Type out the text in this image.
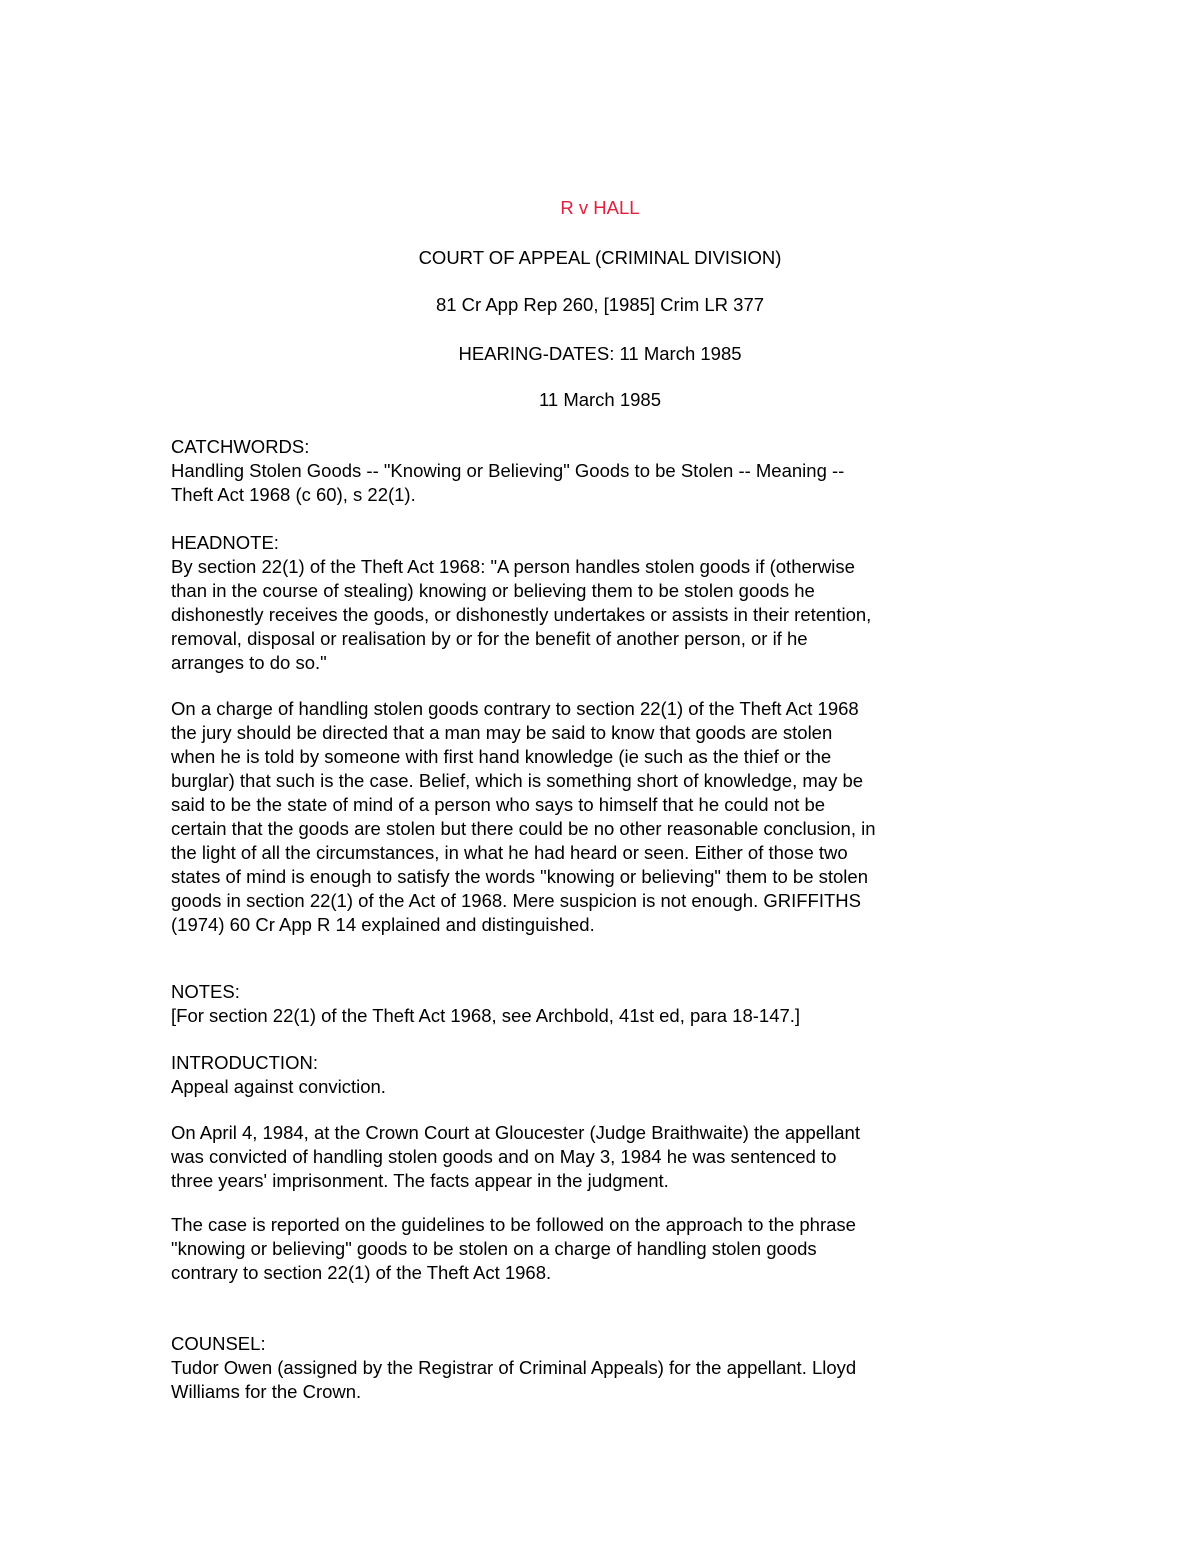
R v HALL
COURT OF APPEAL (CRIMINAL DIVISION)
81 Cr App Rep 260, [1985] Crim LR 377
HEARING-DATES: 11 March 1985
11 March 1985
CATCHWORDS:
Handling Stolen Goods -- "Knowing or Believing" Goods to be Stolen -- Meaning --
Theft Act 1968 (c 60), s 22(1).
HEADNOTE:
By section 22(1) of the Theft Act 1968: "A person handles stolen goods if (otherwise
than in the course of stealing) knowing or believing them to be stolen goods he
dishonestly receives the goods, or dishonestly undertakes or assists in their retention,
removal, disposal or realisation by or for the benefit of another person, or if he
arranges to do so."
On a charge of handling stolen goods contrary to section 22(1) of the Theft Act 1968
the jury should be directed that a man may be said to know that goods are stolen
when he is told by someone with first hand knowledge (ie such as the thief or the
burglar) that such is the case. Belief, which is something short of knowledge, may be
said to be the state of mind of a person who says to himself that he could not be
certain that the goods are stolen but there could be no other reasonable conclusion, in
the light of all the circumstances, in what he had heard or seen. Either of those two
states of mind is enough to satisfy the words "knowing or believing" them to be stolen
goods in section 22(1) of the Act of 1968. Mere suspicion is not enough. GRIFFITHS
(1974) 60 Cr App R 14 explained and distinguished.
NOTES:
[For section 22(1) of the Theft Act 1968, see Archbold, 41st ed, para 18-147.]
INTRODUCTION:
Appeal against conviction.
On April 4, 1984, at the Crown Court at Gloucester (Judge Braithwaite) the appellant
was convicted of handling stolen goods and on May 3, 1984 he was sentenced to
three years' imprisonment. The facts appear in the judgment.
The case is reported on the guidelines to be followed on the approach to the phrase
"knowing or believing" goods to be stolen on a charge of handling stolen goods
contrary to section 22(1) of the Theft Act 1968.
COUNSEL:
Tudor Owen (assigned by the Registrar of Criminal Appeals) for the appellant. Lloyd
Williams for the Crown.
